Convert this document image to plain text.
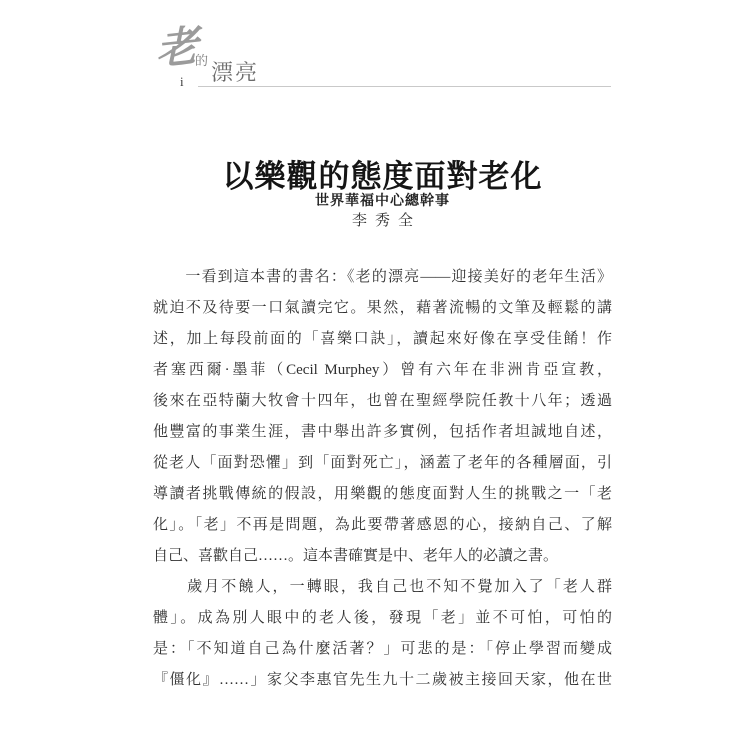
老
的 漂亮
i
以樂觀的態度面對老化
世界華福中心總幹事
李秀全
　　一看到這本書的書名：《老的漂亮——迎接美好的老年生活》
就迫不及待要一口氣讀完它。果然，藉著流暢的文筆及輕鬆的講
述，加上每段前面的「喜樂口訣」，讀起來好像在享受佳餚！作
者塞西爾·墨菲（Cecil Murphey）曾有六年在非洲肯亞宣教，
後來在亞特蘭大牧會十四年，也曾在聖經學院任教十八年；透過
他豐富的事業生涯，書中舉出許多實例，包括作者坦誠地自述，
從老人「面對恐懼」到「面對死亡」，涵蓋了老年的各種層面，引
導讀者挑戰傳統的假設，用樂觀的態度面對人生的挑戰之一「老
化」。「老」不再是問題，為此要帶著感恩的心，接納自己、了解
自己、喜歡自己……。這本書確實是中、老年人的必讀之書。
　　歲月不饒人，一轉眼，我自己也不知不覺加入了「老人群
體」。成為別人眼中的老人後，發現「老」並不可怕，可怕的
是：「不知道自己為什麼活著？」可悲的是：「停止學習而變成
『僵化』……」家父李惠官先生九十二歲被主接回天家，他在世
